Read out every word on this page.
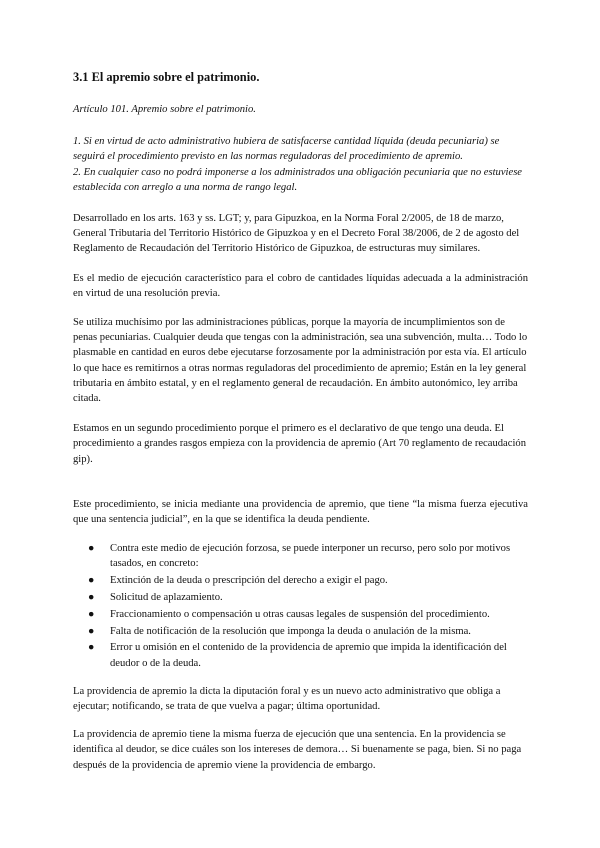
3.1 El apremio sobre el patrimonio.

Artículo 101. Apremio sobre el patrimonio.

1. Si en virtud de acto administrativo hubiera de satisfacerse cantidad líquida (deuda pecuniaria) se seguirá el procedimiento previsto en las normas reguladoras del procedimiento de apremio.

2. En cualquier caso no podrá imponerse a los administrados una obligación pecuniaria que no estuviese establecida con arreglo a una norma de rango legal.

Desarrollado en los arts. 163 y ss. LGT; y, para Gipuzkoa, en la Norma Foral 2/2005, de 18 de marzo, General Tributaria del Territorio Histórico de Gipuzkoa y en el Decreto Foral 38/2006, de 2 de agosto del Reglamento de Recaudación del Territorio Histórico de Gipuzkoa, de estructuras muy similares.

Es el medio de ejecución característico para el cobro de cantidades líquidas adecuada a la administración en virtud de una resolución previa.

Se utiliza muchísimo por las administraciones públicas, porque la mayoría de incumplimientos son de penas pecuniarias. Cualquier deuda que tengas con la administración, sea una subvención, multa… Todo lo plasmable en cantidad en euros debe ejecutarse forzosamente por la administración por esta vía. El artículo lo que hace es remitirnos a otras normas reguladoras del procedimiento de apremio; Están en la ley general tributaria en ámbito estatal, y en el reglamento general de recaudación. En ámbito autonómico, ley arriba citada.

Estamos en un segundo procedimiento porque el primero es el declarativo de que tengo una deuda. El procedimiento a grandes rasgos empieza con la providencia de apremio (Art 70 reglamento de recaudación gip).

Este procedimiento, se inicia mediante una providencia de apremio, que tiene “la misma fuerza ejecutiva que una sentencia judicial”, en la que se identifica la deuda pendiente.

● Contra este medio de ejecución forzosa, se puede interponer un recurso, pero solo por motivos tasados, en concreto:
● Extinción de la deuda o prescripción del derecho a exigir el pago.
● Solicitud de aplazamiento.
● Fraccionamiento o compensación u otras causas legales de suspensión del procedimiento.
● Falta de notificación de la resolución que imponga la deuda o anulación de la misma.
● Error u omisión en el contenido de la providencia de apremio que impida la identificación del deudor o de la deuda.

La providencia de apremio la dicta la diputación foral y es un nuevo acto administrativo que obliga a ejecutar; notificando, se trata de que vuelva a pagar; última oportunidad.

La providencia de apremio tiene la misma fuerza de ejecución que una sentencia. En la providencia se identifica al deudor, se dice cuáles son los intereses de demora… Si buenamente se paga, bien. Si no paga después de la providencia de apremio viene la providencia de embargo.
